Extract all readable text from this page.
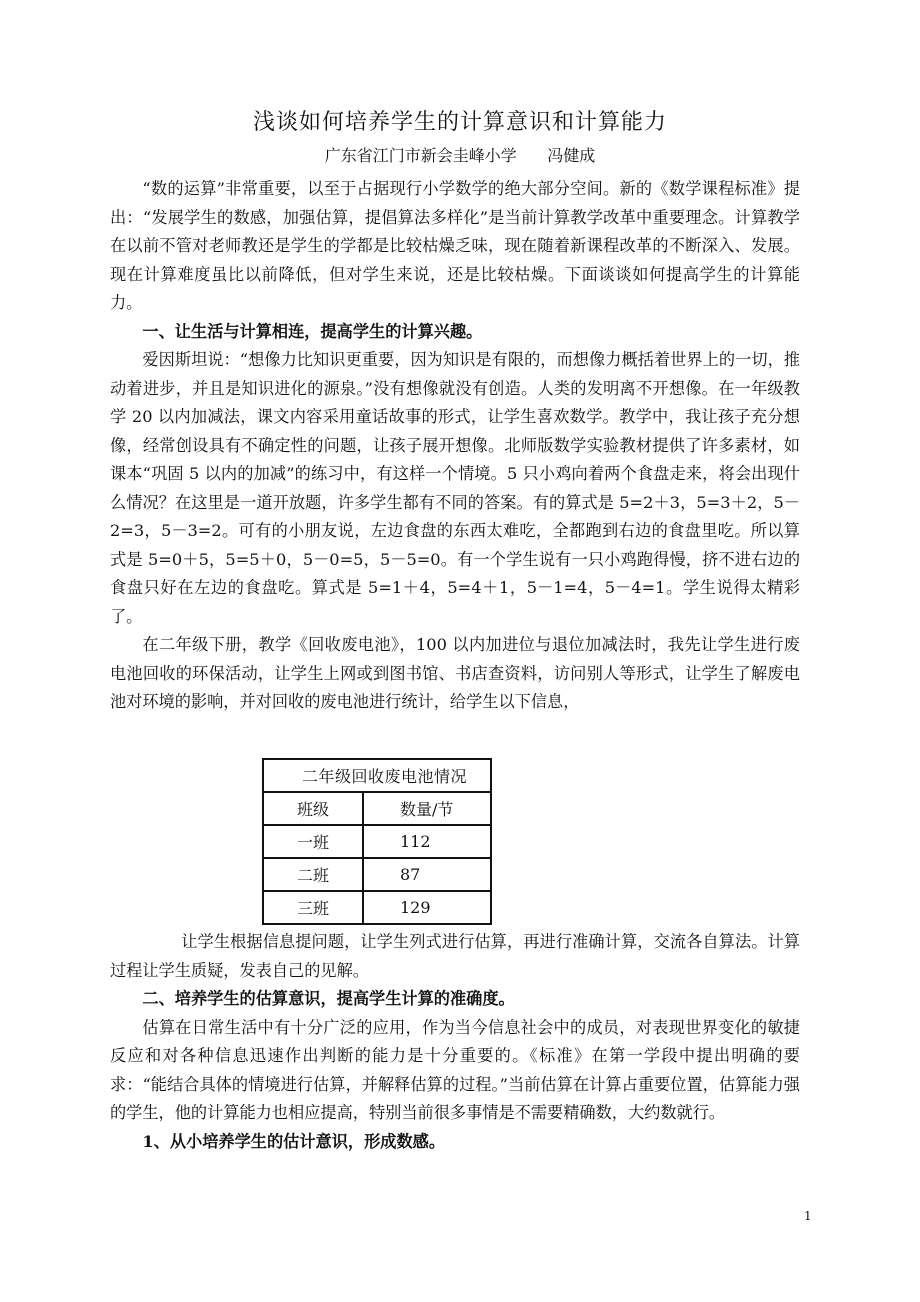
浅谈如何培养学生的计算意识和计算能力
广东省江门市新会圭峰小学      冯健成

“数的运算”非常重要，以至于占据现行小学数学的绝大部分空间。新的《数学课程标准》提出：“发展学生的数感，加强估算，提倡算法多样化”是当前计算教学改革中重要理念。计算教学在以前不管对老师教还是学生的学都是比较枯燥乏味，现在随着新课程改革的不断深入、发展。现在计算难度虽比以前降低，但对学生来说，还是比较枯燥。下面谈谈如何提高学生的计算能力。

一、让生活与计算相连，提高学生的计算兴趣。

爱因斯坦说：“想像力比知识更重要，因为知识是有限的，而想像力概括着世界上的一切，推动着进步，并且是知识进化的源泉。”没有想像就没有创造。人类的发明离不开想像。在一年级教学 20 以内加减法，课文内容采用童话故事的形式，让学生喜欢数学。教学中，我让孩子充分想像，经常创设具有不确定性的问题，让孩子展开想像。北师版数学实验教材提供了许多素材，如课本“巩固 5 以内的加减”的练习中，有这样一个情境。5 只小鸡向着两个食盘走来，将会出现什么情况？在这里是一道开放题，许多学生都有不同的答案。有的算式是 5=2＋3，5=3＋2，5－2=3，5－3=2。可有的小朋友说，左边食盘的东西太难吃，全都跑到右边的食盘里吃。所以算式是 5=0＋5，5=5＋0，5－0=5，5－5=0。有一个学生说有一只小鸡跑得慢，挤不进右边的食盘只好在左边的食盘吃。算式是 5=1＋4，5=4＋1，5－1=4，5－4=1。学生说得太精彩了。

在二年级下册，教学《回收废电池》，100 以内加进位与退位加减法时，我先让学生进行废电池回收的环保活动，让学生上网或到图书馆、书店查资料，访问别人等形式，让学生了解废电池对环境的影响，并对回收的废电池进行统计，给学生以下信息，

二年级回收废电池情况	
班级	数量/节
一班	112
二班	87
三班	129

让学生根据信息提问题，让学生列式进行估算，再进行准确计算，交流各自算法。计算过程让学生质疑，发表自己的见解。

二、培养学生的估算意识，提高学生计算的准确度。

估算在日常生活中有十分广泛的应用，作为当今信息社会中的成员，对表现世界变化的敏捷反应和对各种信息迅速作出判断的能力是十分重要的。《标准》在第一学段中提出明确的要求：“能结合具体的情境进行估算，并解释估算的过程。”当前估算在计算占重要位置，估算能力强的学生，他的计算能力也相应提高，特别当前很多事情是不需要精确数，大约数就行。

1、从小培养学生的估计意识，形成数感。

1
